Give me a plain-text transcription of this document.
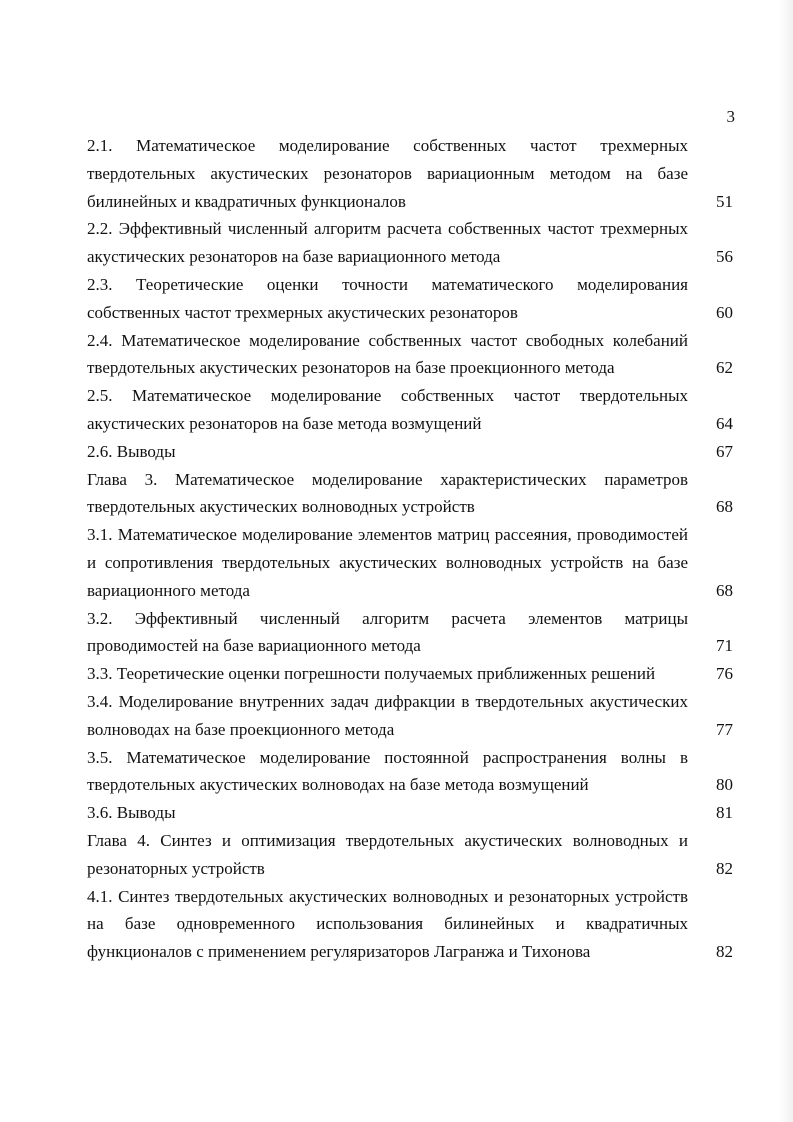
3
2.1. Математическое моделирование собственных частот трехмерных твердотельных акустических резонаторов вариационным методом на базе билинейных и квадратичных функционалов	51
2.2. Эффективный численный алгоритм расчета собственных частот трехмерных акустических резонаторов на базе вариационного метода	56
2.3. Теоретические оценки точности математического моделирования собственных частот трехмерных акустических резонаторов	60
2.4. Математическое моделирование собственных частот свободных колебаний твердотельных акустических резонаторов на базе проекционного метода	62
2.5. Математическое моделирование собственных частот твердотельных акустических резонаторов на базе метода возмущений	64
2.6. Выводы	67
Глава 3. Математическое моделирование характеристических параметров твердотельных акустических волноводных устройств	68
3.1. Математическое моделирование элементов матриц рассеяния, проводимостей и сопротивления твердотельных акустических волноводных устройств на базе вариационного метода	68
3.2. Эффективный численный алгоритм расчета элементов матрицы проводимостей на базе вариационного метода	71
3.3. Теоретические оценки погрешности получаемых приближенных решений	76
3.4. Моделирование внутренних задач дифракции в твердотельных акустических волноводах на базе проекционного метода	77
3.5. Математическое моделирование постоянной распространения волны в твердотельных акустических волноводах на базе метода возмущений	80
3.6. Выводы	81
Глава 4. Синтез и оптимизация твердотельных акустических волноводных и резонаторных устройств	82
4.1. Синтез твердотельных акустических волноводных и резонаторных устройств на базе одновременного использования билинейных и квадратичных функционалов с применением регуляризаторов Лагранжа и Тихонова	82
